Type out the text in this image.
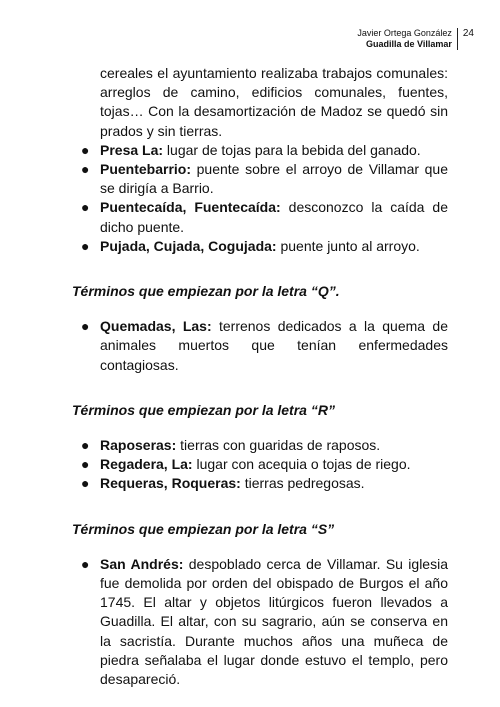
Javier Ortega González
Guadilla de Villamar
24

cereales el ayuntamiento realizaba trabajos comunales: arreglos de camino, edificios comunales, fuentes, tojas… Con la desamortización de Madoz se quedó sin prados y sin tierras.

● Presa La: lugar de tojas para la bebida del ganado.
● Puentebarrio: puente sobre el arroyo de Villamar que se dirigía a Barrio.
● Puentecaída, Fuentecaída: desconozco la caída de dicho puente.
● Pujada, Cujada, Cogujada: puente junto al arroyo.
Términos que empiezan por la letra “Q”.
● Quemadas, Las: terrenos dedicados a la quema de animales muertos que tenían enfermedades contagiosas.
Términos que empiezan por la letra “R”
● Raposeras: tierras con guaridas de raposos.
● Regadera, La: lugar con acequia o tojas de riego.
● Requeras, Roqueras: tierras pedregosas.
Términos que empiezan por la letra “S”
● San Andrés: despoblado cerca de Villamar. Su iglesia fue demolida por orden del obispado de Burgos el año 1745. El altar y objetos litúrgicos fueron llevados a Guadilla. El altar, con su sagrario, aún se conserva en la sacristía. Durante muchos años una muñeca de piedra señalaba el lugar donde estuvo el templo, pero desapareció.
